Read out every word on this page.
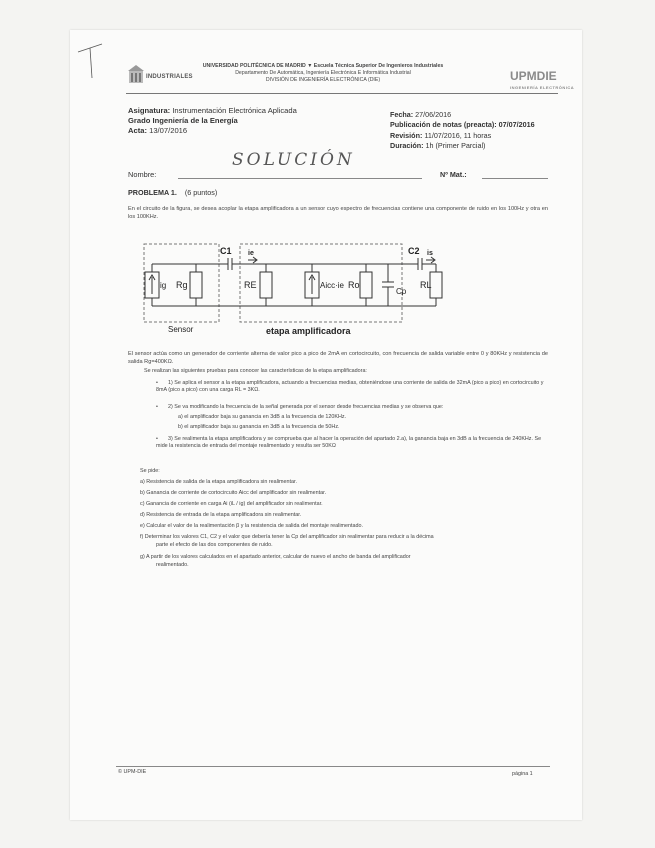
INDUSTRIALES
UNIVERSIDAD POLITÉCNICA DE MADRID ▼ Escuela Técnica Superior De Ingenieros Industriales
Departamento De Automática, Ingeniería Electrónica E Informática Industrial
DIVISIÓN DE INGENIERÍA ELECTRÓNICA (DIE)	UPMDIE
INGENIERÍA ELECTRÓNICA
Asignatura: Instrumentación Electrónica Aplicada
Grado Ingeniería de la Energía
Acta: 13/07/2016
Fecha: 27/06/2016
Publicación de notas (preacta): 07/07/2016
Revisión: 11/07/2016, 11 horas
Duración: 1h (Primer Parcial)
Nombre:
SOLUCIÓN
Nº Mat.:
PROBLEMA 1. (6 puntos)
En el circuito de la figura, se desea acoplar la etapa amplificadora a un sensor cuyo espectro de frecuencias contiene una componente de ruido en los 100Hz y otra en los 100KHz.
C1 ie	C2 is
ig Rg	RE	Aicc·ie Ro
Cp
RL
Sensor	etapa amplificadora
El sensor actúa como un generador de corriente alterna de valor pico a pico de 2mA en cortocircuito, con frecuencia de salida variable entre 0 y 80KHz y resistencia de salida Rg=400KΩ.
Se realizan las siguientes pruebas para conocer las características de la etapa amplificadora:
• 1) Se aplica el sensor a la etapa amplificadora, actuando a frecuencias medias, obteniéndose una corriente de salida de 32mA (pico a pico) en cortocircuito y 8mA (pico a pico) con una carga RL = 3KΩ.
• 2) Se va modificando la frecuencia de la señal generada por el sensor desde frecuencias medias y se observa que:
a) el amplificador baja su ganancia en 3dB a la frecuencia de 120KHz.
b) el amplificador baja su ganancia en 3dB a la frecuencia de 50Hz.
• 3) Se realimenta la etapa amplificadora y se comprueba que al hacer la operación del apartado 2.a), la ganancia baja en 3dB a la frecuencia de 240KHz. Se mide la resistencia de entrada del montaje realimentado y resulta ser 50KΩ
Se pide:
a) Resistencia de salida de la etapa amplificadora sin realimentar.
b) Ganancia de corriente de cortocircuito Aicc del amplificador sin realimentar.
c) Ganancia de corriente en carga Ai (iL / ig) del amplificador sin realimentar.
d) Resistencia de entrada de la etapa amplificadora sin realimentar.
e) Calcular el valor de la realimentación β y la resistencia de salida del montaje realimentado.
f) Determinar los valores C1, C2 y el valor que debería tener la Cp del amplificador sin realimentar para reducir a la décima
parte el efecto de las dos componentes de ruido.
g) A partir de los valores calculados en el apartado anterior, calcular de nuevo el ancho de banda del amplificador
realimentado.
© UPM-DIE	página 1
